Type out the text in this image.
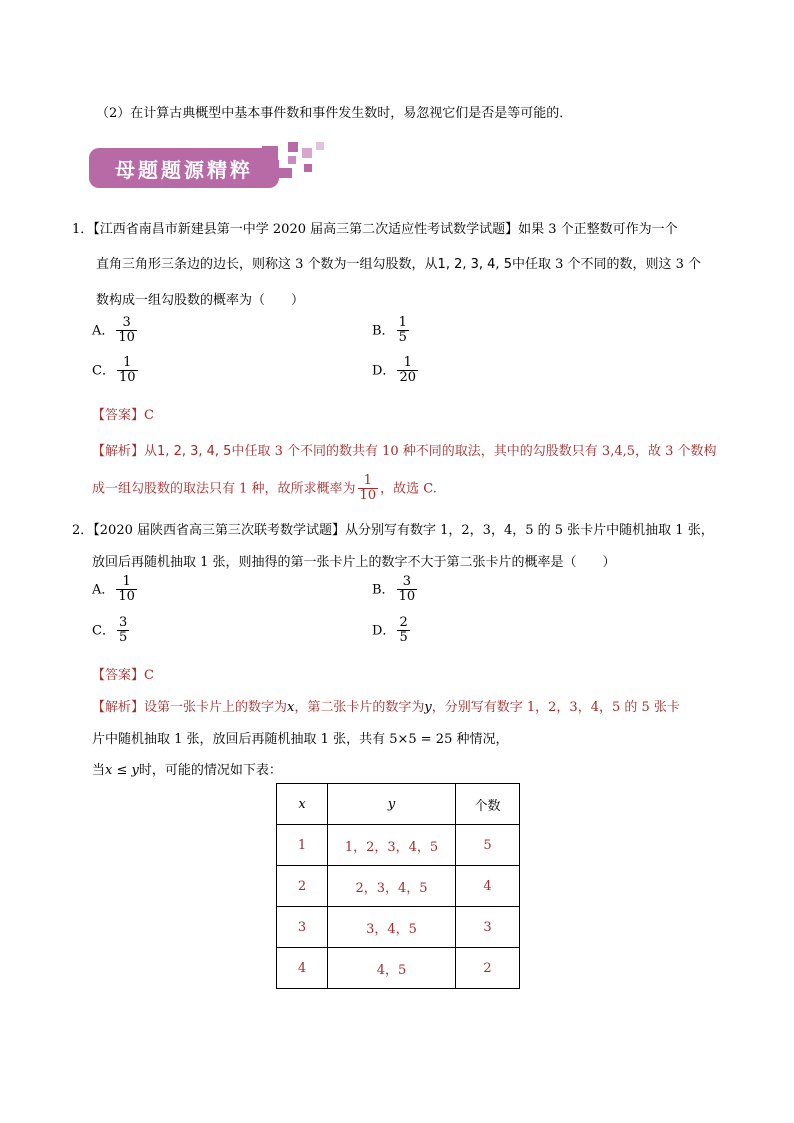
（2）在计算古典概型中基本事件数和事件发生数时，易忽视它们是否是等可能的．
母题题源精粹
1．【江西省南昌市新建县第一中学 2020 届高三第二次适应性考试数学试题】如果 3 个正整数可作为一个
直角三角形三条边的边长，则称这 3 个数为一组勾股数，从1, 2, 3, 4, 5中任取 3 个不同的数，则这 3 个
数构成一组勾股数的概率为（　　）
A． $\frac{3}{10}$	B． $\frac{1}{5}$
C． $\frac{1}{10}$	D． $\frac{1}{20}$
【答案】C
【解析】从1, 2, 3, 4, 5中任取 3 个不同的数共有 10 种不同的取法，其中的勾股数只有 3,4,5，故 3 个数构
成一组勾股数的取法只有 1 种，故所求概率为 $\frac{1}{10}$ ，故选 C.
2．【2020 届陕西省高三第三次联考数学试题】从分别写有数字 1，2，3，4，5 的 5 张卡片中随机抽取 1 张，
放回后再随机抽取 1 张，则抽得的第一张卡片上的数字不大于第二张卡片的概率是（　　）
A． $\frac{1}{10}$	B． $\frac{3}{10}$
C． $\frac{3}{5}$	D． $\frac{2}{5}$
【答案】C
【解析】设第一张卡片上的数字为x，第二张卡片的数字为y，分别写有数字 1，2，3，4，5 的 5 张卡
片中随机抽取 1 张，放回后再随机抽取 1 张，共有 5×5 = 25 种情况，
当x ≤ y时，可能的情况如下表：
x	y	个数
1	1，2，3，4，5	5
2	2，3，4，5	4
3	3，4，5	3
4	4，5	2
